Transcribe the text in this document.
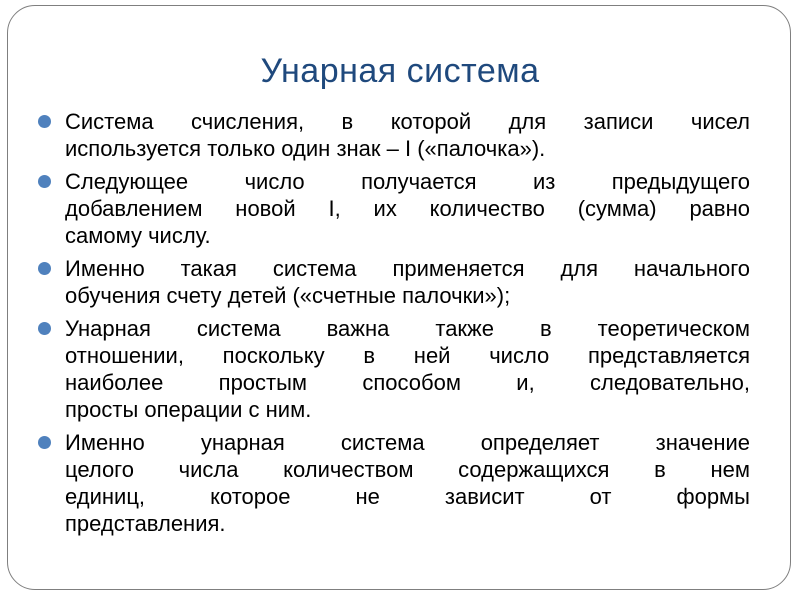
Унарная система
Система счисления, в которой для записи чисел
используется только один знак – I («палочка»).
Следующее число получается из предыдущего
добавлением новой I, их количество (сумма) равно
самому числу.
Именно такая система применяется для начального
обучения счету детей («счетные палочки»);
Унарная система важна также в теоретическом
отношении, поскольку в ней число представляется
наиболее простым способом и, следовательно,
просты операции с ним.
Именно унарная система определяет значение
целого числа количеством содержащихся в нем
единиц, которое не зависит от формы
представления.
